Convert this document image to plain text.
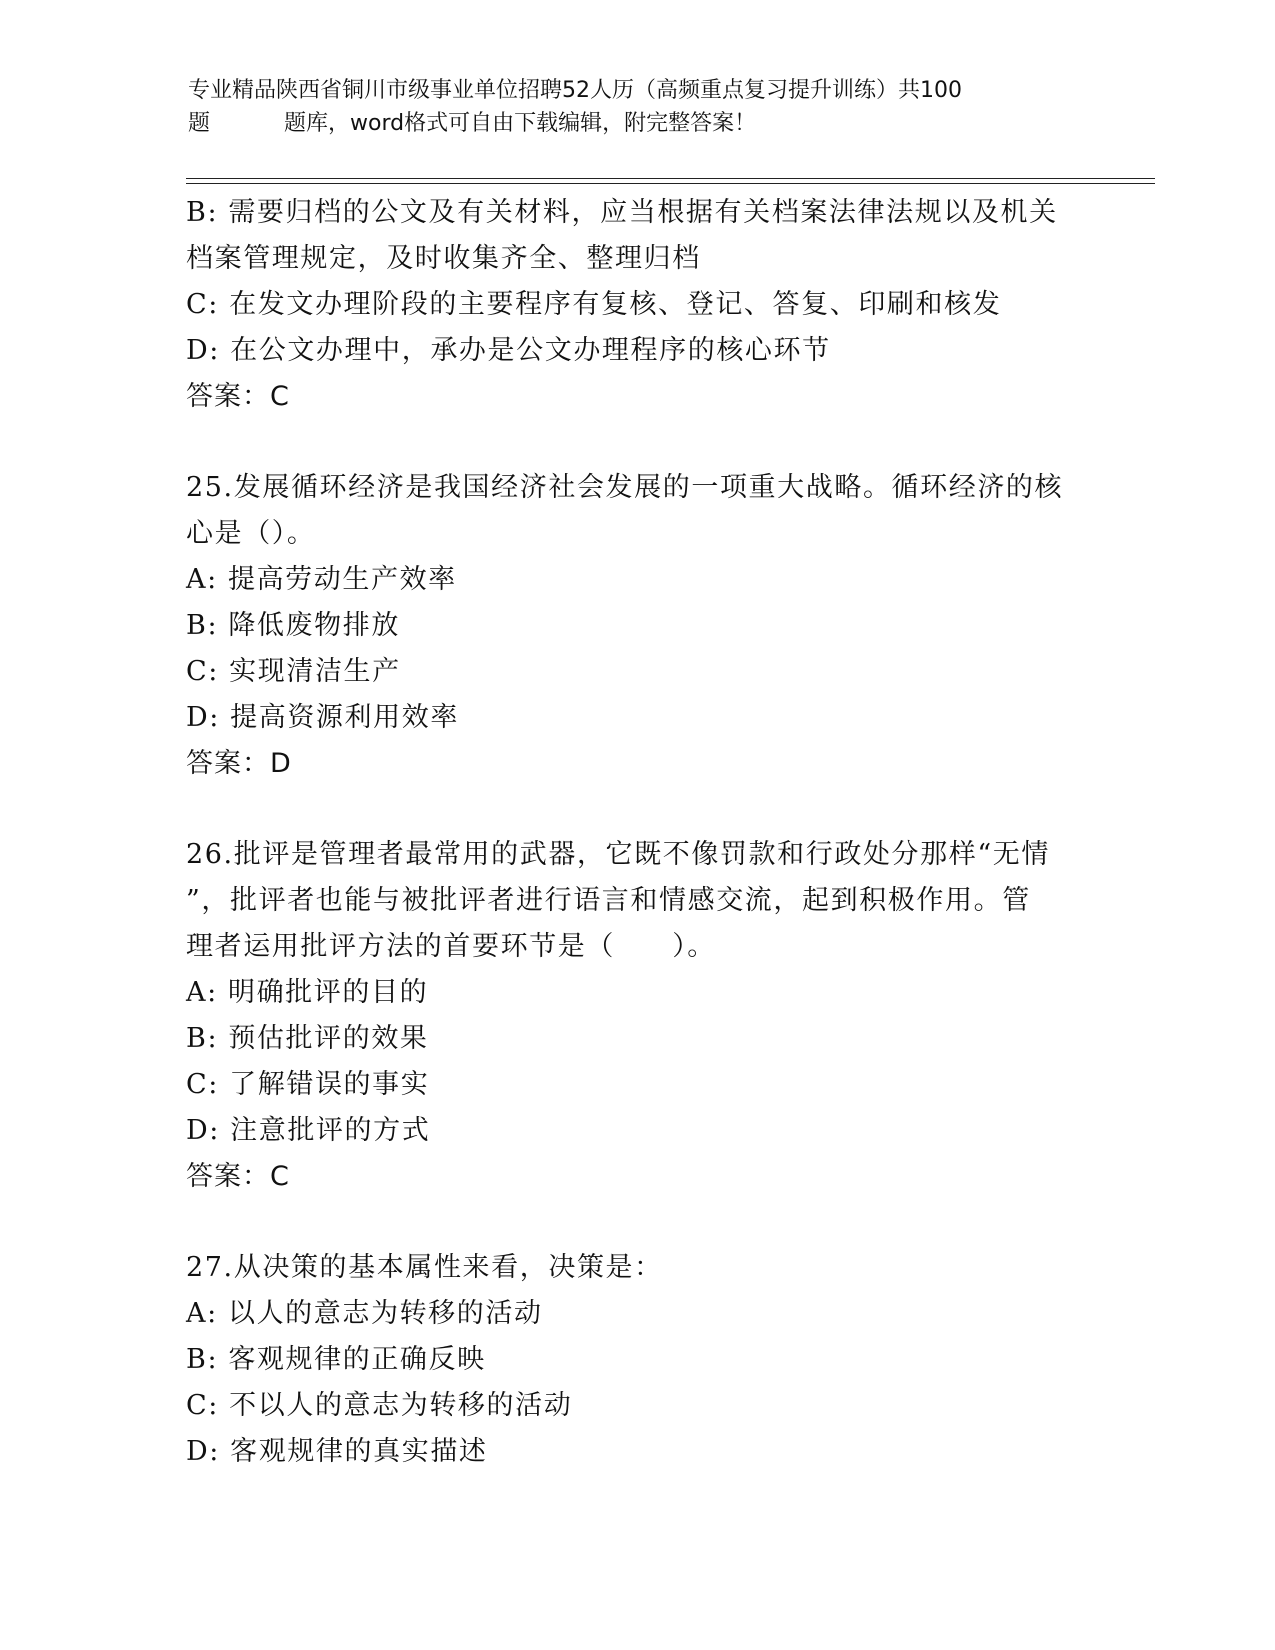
专业精品陕西省铜川市级事业单位招聘52人历（高频重点复习提升训练）共100
题	题库，word格式可自由下载编辑，附完整答案！
B: 需要归档的公文及有关材料，应当根据有关档案法律法规以及机关
档案管理规定，及时收集齐全、整理归档
C: 在发文办理阶段的主要程序有复核、登记、答复、印刷和核发
D: 在公文办理中，承办是公文办理程序的核心环节
答案：C
25.发展循环经济是我国经济社会发展的一项重大战略。循环经济的核
心是（）。
A: 提高劳动生产效率
B: 降低废物排放
C: 实现清洁生产
D: 提高资源利用效率
答案：D
26.批评是管理者最常用的武器，它既不像罚款和行政处分那样“无情
”，批评者也能与被批评者进行语言和情感交流，起到积极作用。管
理者运用批评方法的首要环节是（　　）。
A: 明确批评的目的
B: 预估批评的效果
C: 了解错误的事实
D: 注意批评的方式
答案：C
27.从决策的基本属性来看，决策是：
A: 以人的意志为转移的活动
B: 客观规律的正确反映
C: 不以人的意志为转移的活动
D: 客观规律的真实描述
